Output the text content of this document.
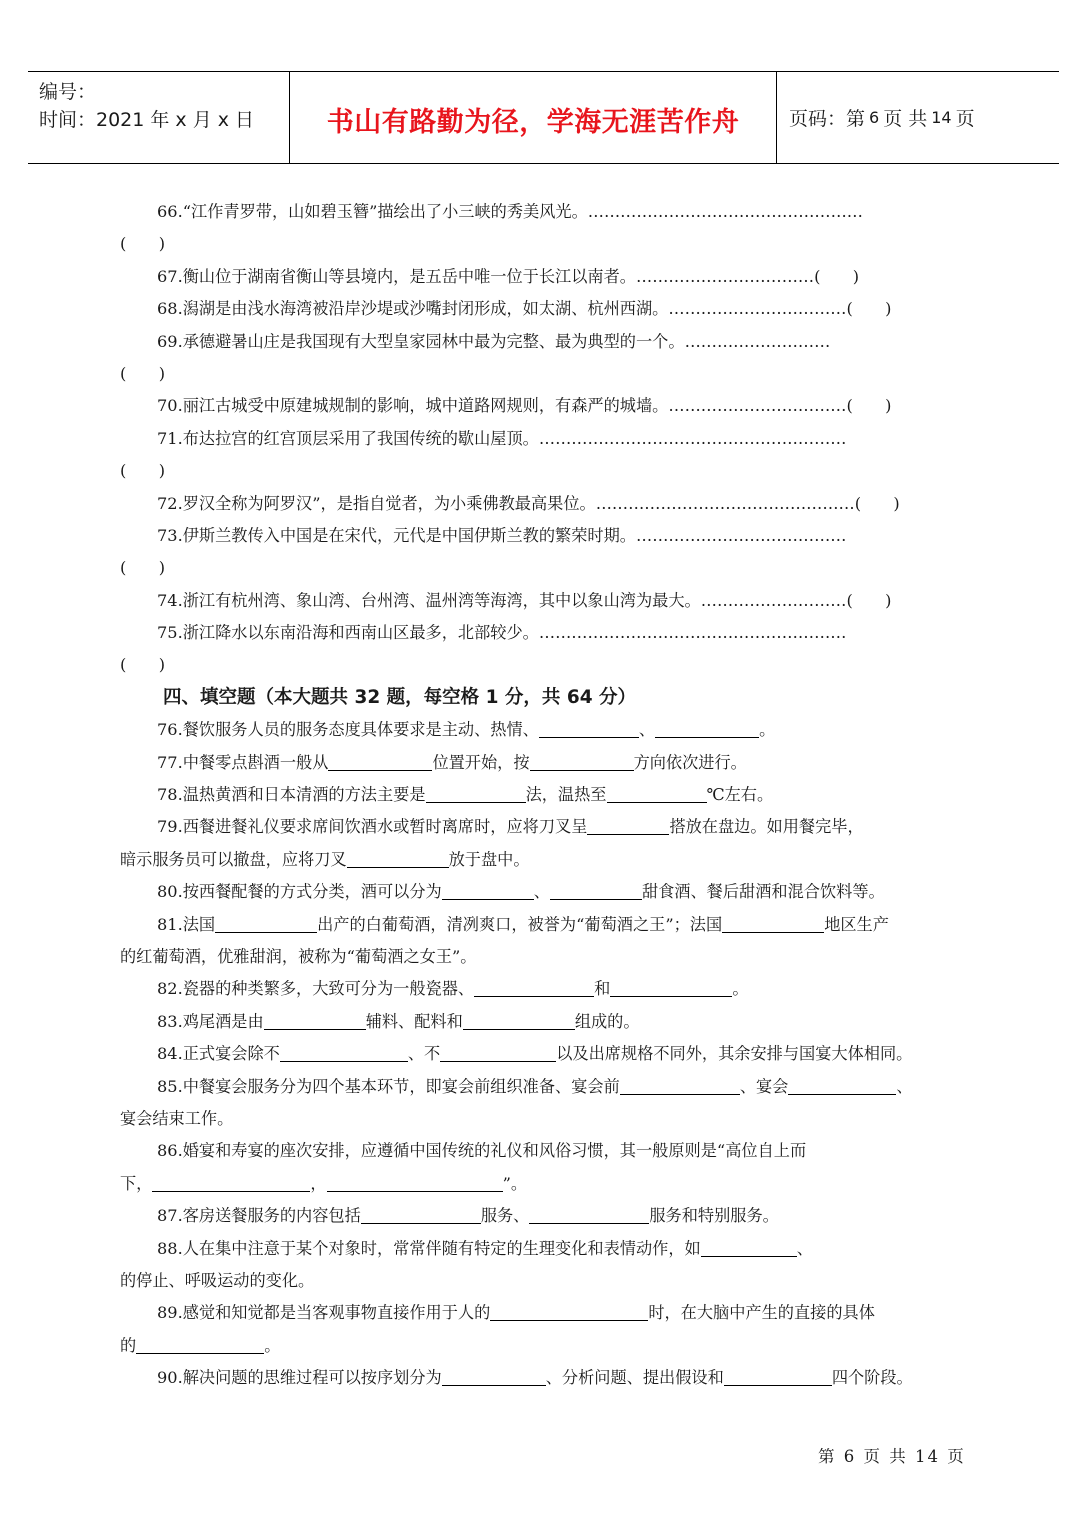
编号：
时间：2021 年 x 月 x 日	书山有路勤为径，学海无涯苦作舟	页码：第 6 页 共 14 页
66.“江作青罗带，山如碧玉簪”描绘出了小三峡的秀美风光。……………………………………………
(　　)
67.衡山位于湖南省衡山等县境内，是五岳中唯一位于长江以南者。……………………………(　　)
68.潟湖是由浅水海湾被沿岸沙堤或沙嘴封闭形成，如太湖、杭州西湖。……………………………(　　)
69.承德避暑山庄是我国现有大型皇家园林中最为完整、最为典型的一个。………………………
(　　)
70.丽江古城受中原建城规制的影响，城中道路网规则，有森严的城墙。……………………………(　　)
71.布达拉宫的红宫顶层采用了我国传统的歇山屋顶。…………………………………………………
(　　)
72.罗汉全称为阿罗汉”，是指自觉者，为小乘佛教最高果位。…………………………………………(　　)
73.伊斯兰教传入中国是在宋代，元代是中国伊斯兰教的繁荣时期。…………………………………
(　　)
74.浙江有杭州湾、象山湾、台州湾、温州湾等海湾，其中以象山湾为最大。………………………(　　)
75.浙江降水以东南沿海和西南山区最多，北部较少。…………………………………………………
(　　)
四、填空题（本大题共 32 题，每空格 1 分，共 64 分）
76.餐饮服务人员的服务态度具体要求是主动、热情、	、	。
77.中餐零点斟酒一般从	位置开始，按	方向依次进行。
78.温热黄酒和日本清酒的方法主要是	法，温热至	℃左右。
79.西餐进餐礼仪要求席间饮酒水或暂时离席时，应将刀叉呈	搭放在盘边。如用餐完毕，
暗示服务员可以撤盘，应将刀叉	放于盘中。
80.按西餐配餐的方式分类，酒可以分为	、	甜食酒、餐后甜酒和混合饮料等。
81.法国	出产的白葡萄酒，清冽爽口，被誉为“葡萄酒之王”；法国	地区生产
的红葡萄酒，优雅甜润，被称为“葡萄酒之女王”。
82.瓷器的种类繁多，大致可分为一般瓷器、	和	。
83.鸡尾酒是由	辅料、配料和	组成的。
84.正式宴会除不	、不	以及出席规格不同外，其余安排与国宴大体相同。
85.中餐宴会服务分为四个基本环节，即宴会前组织准备、宴会前	、宴会	、
宴会结束工作。
86.婚宴和寿宴的座次安排，应遵循中国传统的礼仪和风俗习惯，其一般原则是“高位自上而
下，	，	”。
87.客房送餐服务的内容包括	服务、	服务和特别服务。
88.人在集中注意于某个对象时，常常伴随有特定的生理变化和表情动作，如	、
的停止、呼吸运动的变化。
89.感觉和知觉都是当客观事物直接作用于人的	时，在大脑中产生的直接的具体
的	。
90.解决问题的思维过程可以按序划分为	、分析问题、提出假设和	四个阶段。
第 6 页 共 14 页
